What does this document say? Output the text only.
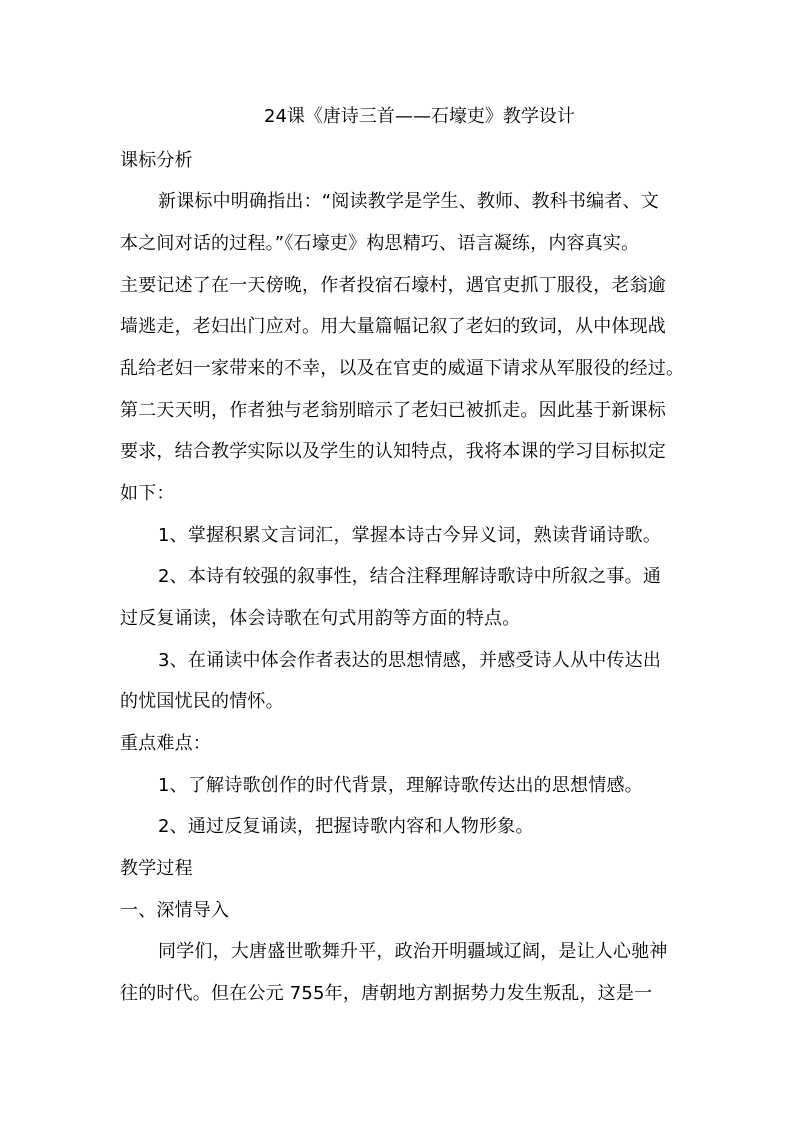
24课《唐诗三首——石壕吏》教学设计
课标分析
新课标中明确指出：“阅读教学是学生、教师、教科书编者、文
本之间对话的过程。”《石壕吏》构思精巧、语言凝练，内容真实。
主要记述了在一天傍晚，作者投宿石壕村，遇官吏抓丁服役，老翁逾
墙逃走，老妇出门应对。用大量篇幅记叙了老妇的致词，从中体现战
乱给老妇一家带来的不幸，以及在官吏的威逼下请求从军服役的经过。
第二天天明，作者独与老翁别暗示了老妇已被抓走。因此基于新课标
要求，结合教学实际以及学生的认知特点，我将本课的学习目标拟定
如下：
1、掌握积累文言词汇，掌握本诗古今异义词，熟读背诵诗歌。
2、本诗有较强的叙事性，结合注释理解诗歌诗中所叙之事。通
过反复诵读，体会诗歌在句式用韵等方面的特点。
3、在诵读中体会作者表达的思想情感，并感受诗人从中传达出
的忧国忧民的情怀。
重点难点：
1、了解诗歌创作的时代背景，理解诗歌传达出的思想情感。
2、通过反复诵读，把握诗歌内容和人物形象。
教学过程
一、深情导入
同学们，大唐盛世歌舞升平，政治开明疆域辽阔，是让人心驰神
往的时代。但在公元 755年，唐朝地方割据势力发生叛乱，这是一
